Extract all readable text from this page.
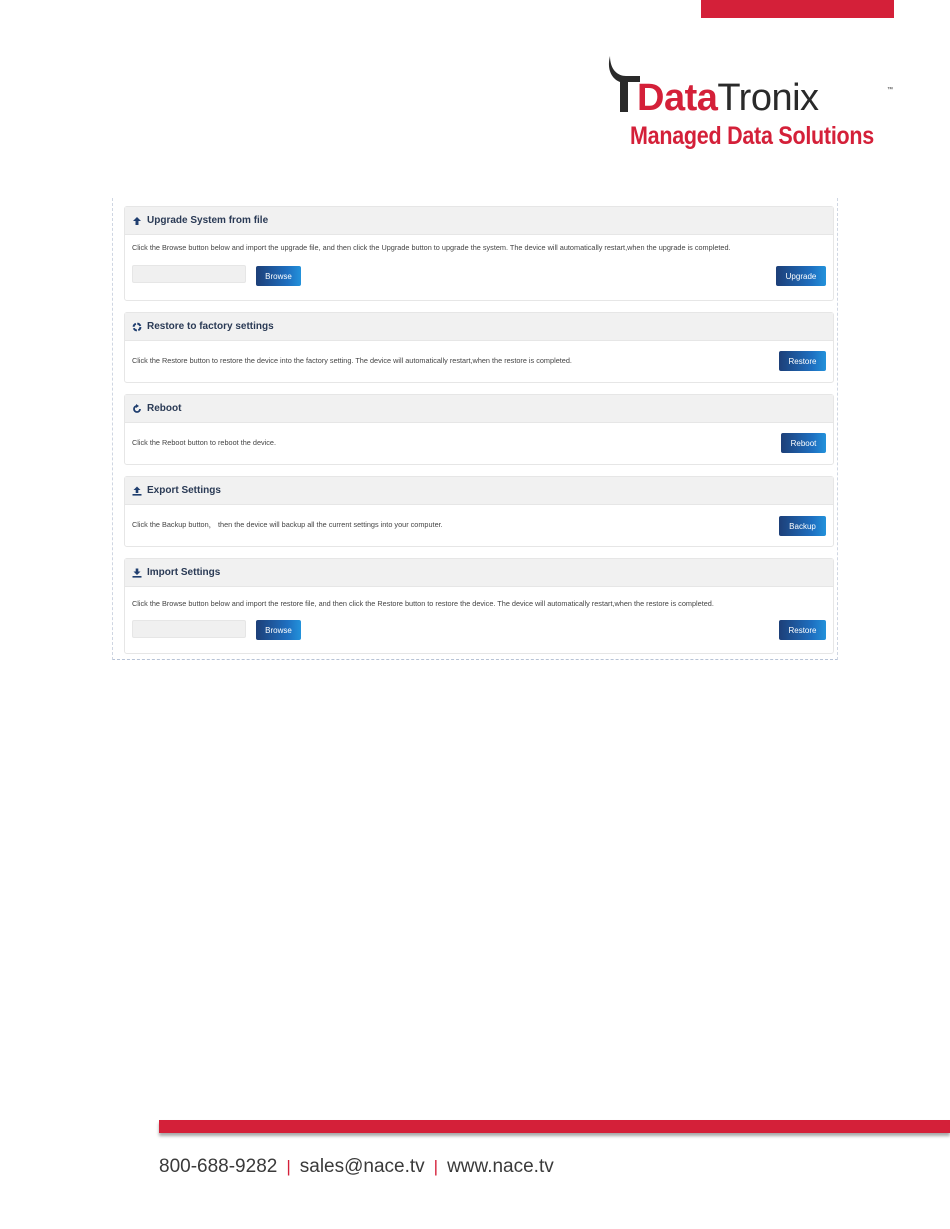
DataTronix	™
Managed Data Solutions
Upgrade System from file
Click the Browse button below and import the upgrade file, and then click the Upgrade button to upgrade the system. The device will automatically restart,when the upgrade is completed.
Browse	Upgrade
Restore to factory settings
Click the Restore button to restore the device into the factory setting. The device will automatically restart,when the restore is completed.	Restore
Reboot
Click the Reboot button to reboot the device.	Reboot
Export Settings
Click the Backup button， then the device will backup all the current settings into your computer.	Backup
Import Settings
Click the Browse button below and import the restore file, and then click the Restore button to restore the device. The device will automatically restart,when the restore is completed.
Browse	Restore
800-688-9282 | sales@nace.tv | www.nace.tv
